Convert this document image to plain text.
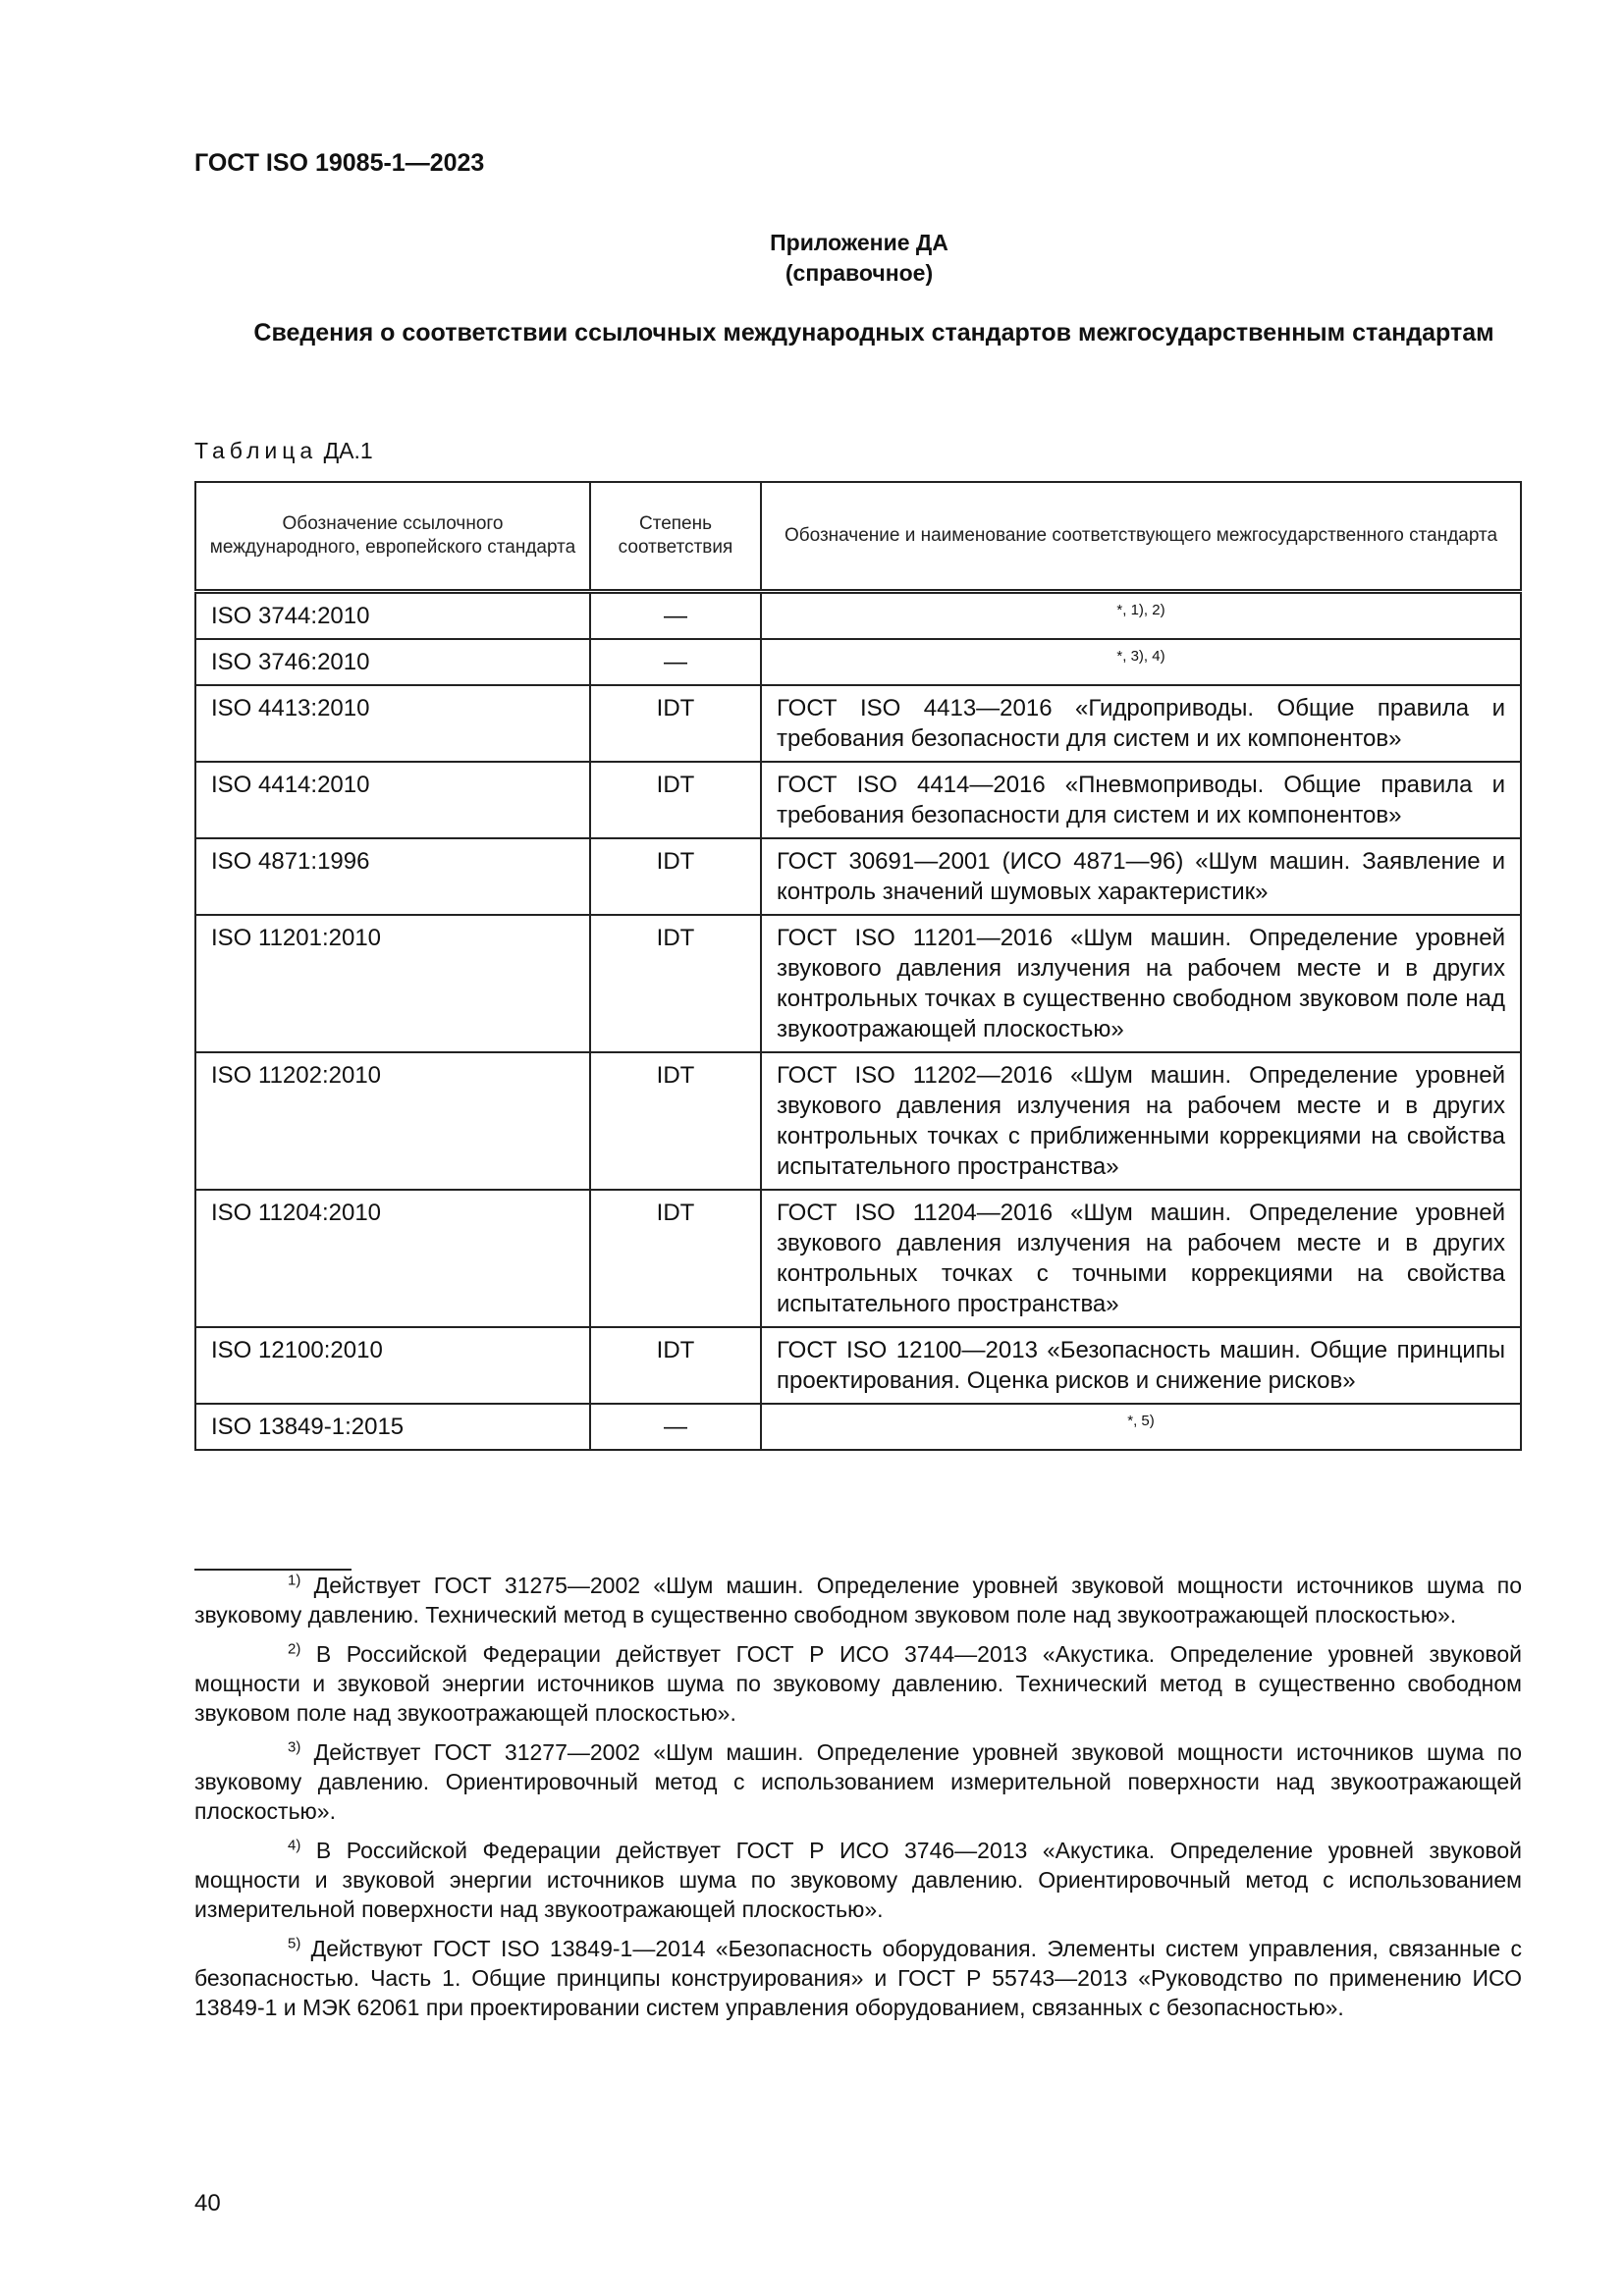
ГОСТ ISO 19085-1—2023
Приложение ДА
(справочное)
Сведения о соответствии ссылочных международных стандартов межгосударственным стандартам
Таблица ДА.1
Обозначение ссылочного международного, европейского стандарта	Степень соответствия	Обозначение и наименование соответствующего межгосударственного стандарта
ISO 3744:2010	—	$^{*, 1), 2)}$
ISO 3746:2010	—	$^{*, 3), 4)}$
ISO 4413:2010	IDT	ГОСТ ISO 4413—2016 «Гидроприводы. Общие правила и требования безопасности для систем и их компонентов»
ISO 4414:2010	IDT	ГОСТ ISO 4414—2016 «Пневмоприводы. Общие правила и требования безопасности для систем и их компонентов»
ISO 4871:1996	IDT	ГОСТ 30691—2001 (ИСО 4871—96) «Шум машин. Заявление и контроль значений шумовых характеристик»
ISO 11201:2010	IDT	ГОСТ ISO 11201—2016 «Шум машин. Определение уровней звукового давления излучения на рабочем месте и в других контрольных точках в существенно свободном звуковом поле над звукоотражающей плоскостью»
ISO 11202:2010	IDT	ГОСТ ISO 11202—2016 «Шум машин. Определение уровней звукового давления излучения на рабочем месте и в других контрольных точках с приближенными коррекциями на свойства испытательного пространства»
ISO 11204:2010	IDT	ГОСТ ISO 11204—2016 «Шум машин. Определение уровней звукового давления излучения на рабочем месте и в других контрольных точках с точными коррекциями на свойства испытательного пространства»
ISO 12100:2010	IDT	ГОСТ ISO 12100—2013 «Безопасность машин. Общие принципы проектирования. Оценка рисков и снижение рисков»
ISO 13849-1:2015	—	$^{*, 5)}$
$^{1)}$ Действует ГОСТ 31275—2002 «Шум машин. Определение уровней звуковой мощности источников шума по звуковому давлению. Технический метод в существенно свободном звуковом поле над звукоотражающей плоскостью».
$^{2)}$ В Российской Федерации действует ГОСТ Р ИСО 3744—2013 «Акустика. Определение уровней звуковой мощности и звуковой энергии источников шума по звуковому давлению. Технический метод в существенно свободном звуковом поле над звукоотражающей плоскостью».
$^{3)}$ Действует ГОСТ 31277—2002 «Шум машин. Определение уровней звуковой мощности источников шума по звуковому давлению. Ориентировочный метод с использованием измерительной поверхности над звукоотражающей плоскостью».
$^{4)}$ В Российской Федерации действует ГОСТ Р ИСО 3746—2013 «Акустика. Определение уровней звуковой мощности и звуковой энергии источников шума по звуковому давлению. Ориентировочный метод с использованием измерительной поверхности над звукоотражающей плоскостью».
$^{5)}$ Действуют ГОСТ ISO 13849-1—2014 «Безопасность оборудования. Элементы систем управления, связанные с безопасностью. Часть 1. Общие принципы конструирования» и ГОСТ Р 55743—2013 «Руководство по применению ИСО 13849-1 и МЭК 62061 при проектировании систем управления оборудованием, связанных с безопасностью».
40
